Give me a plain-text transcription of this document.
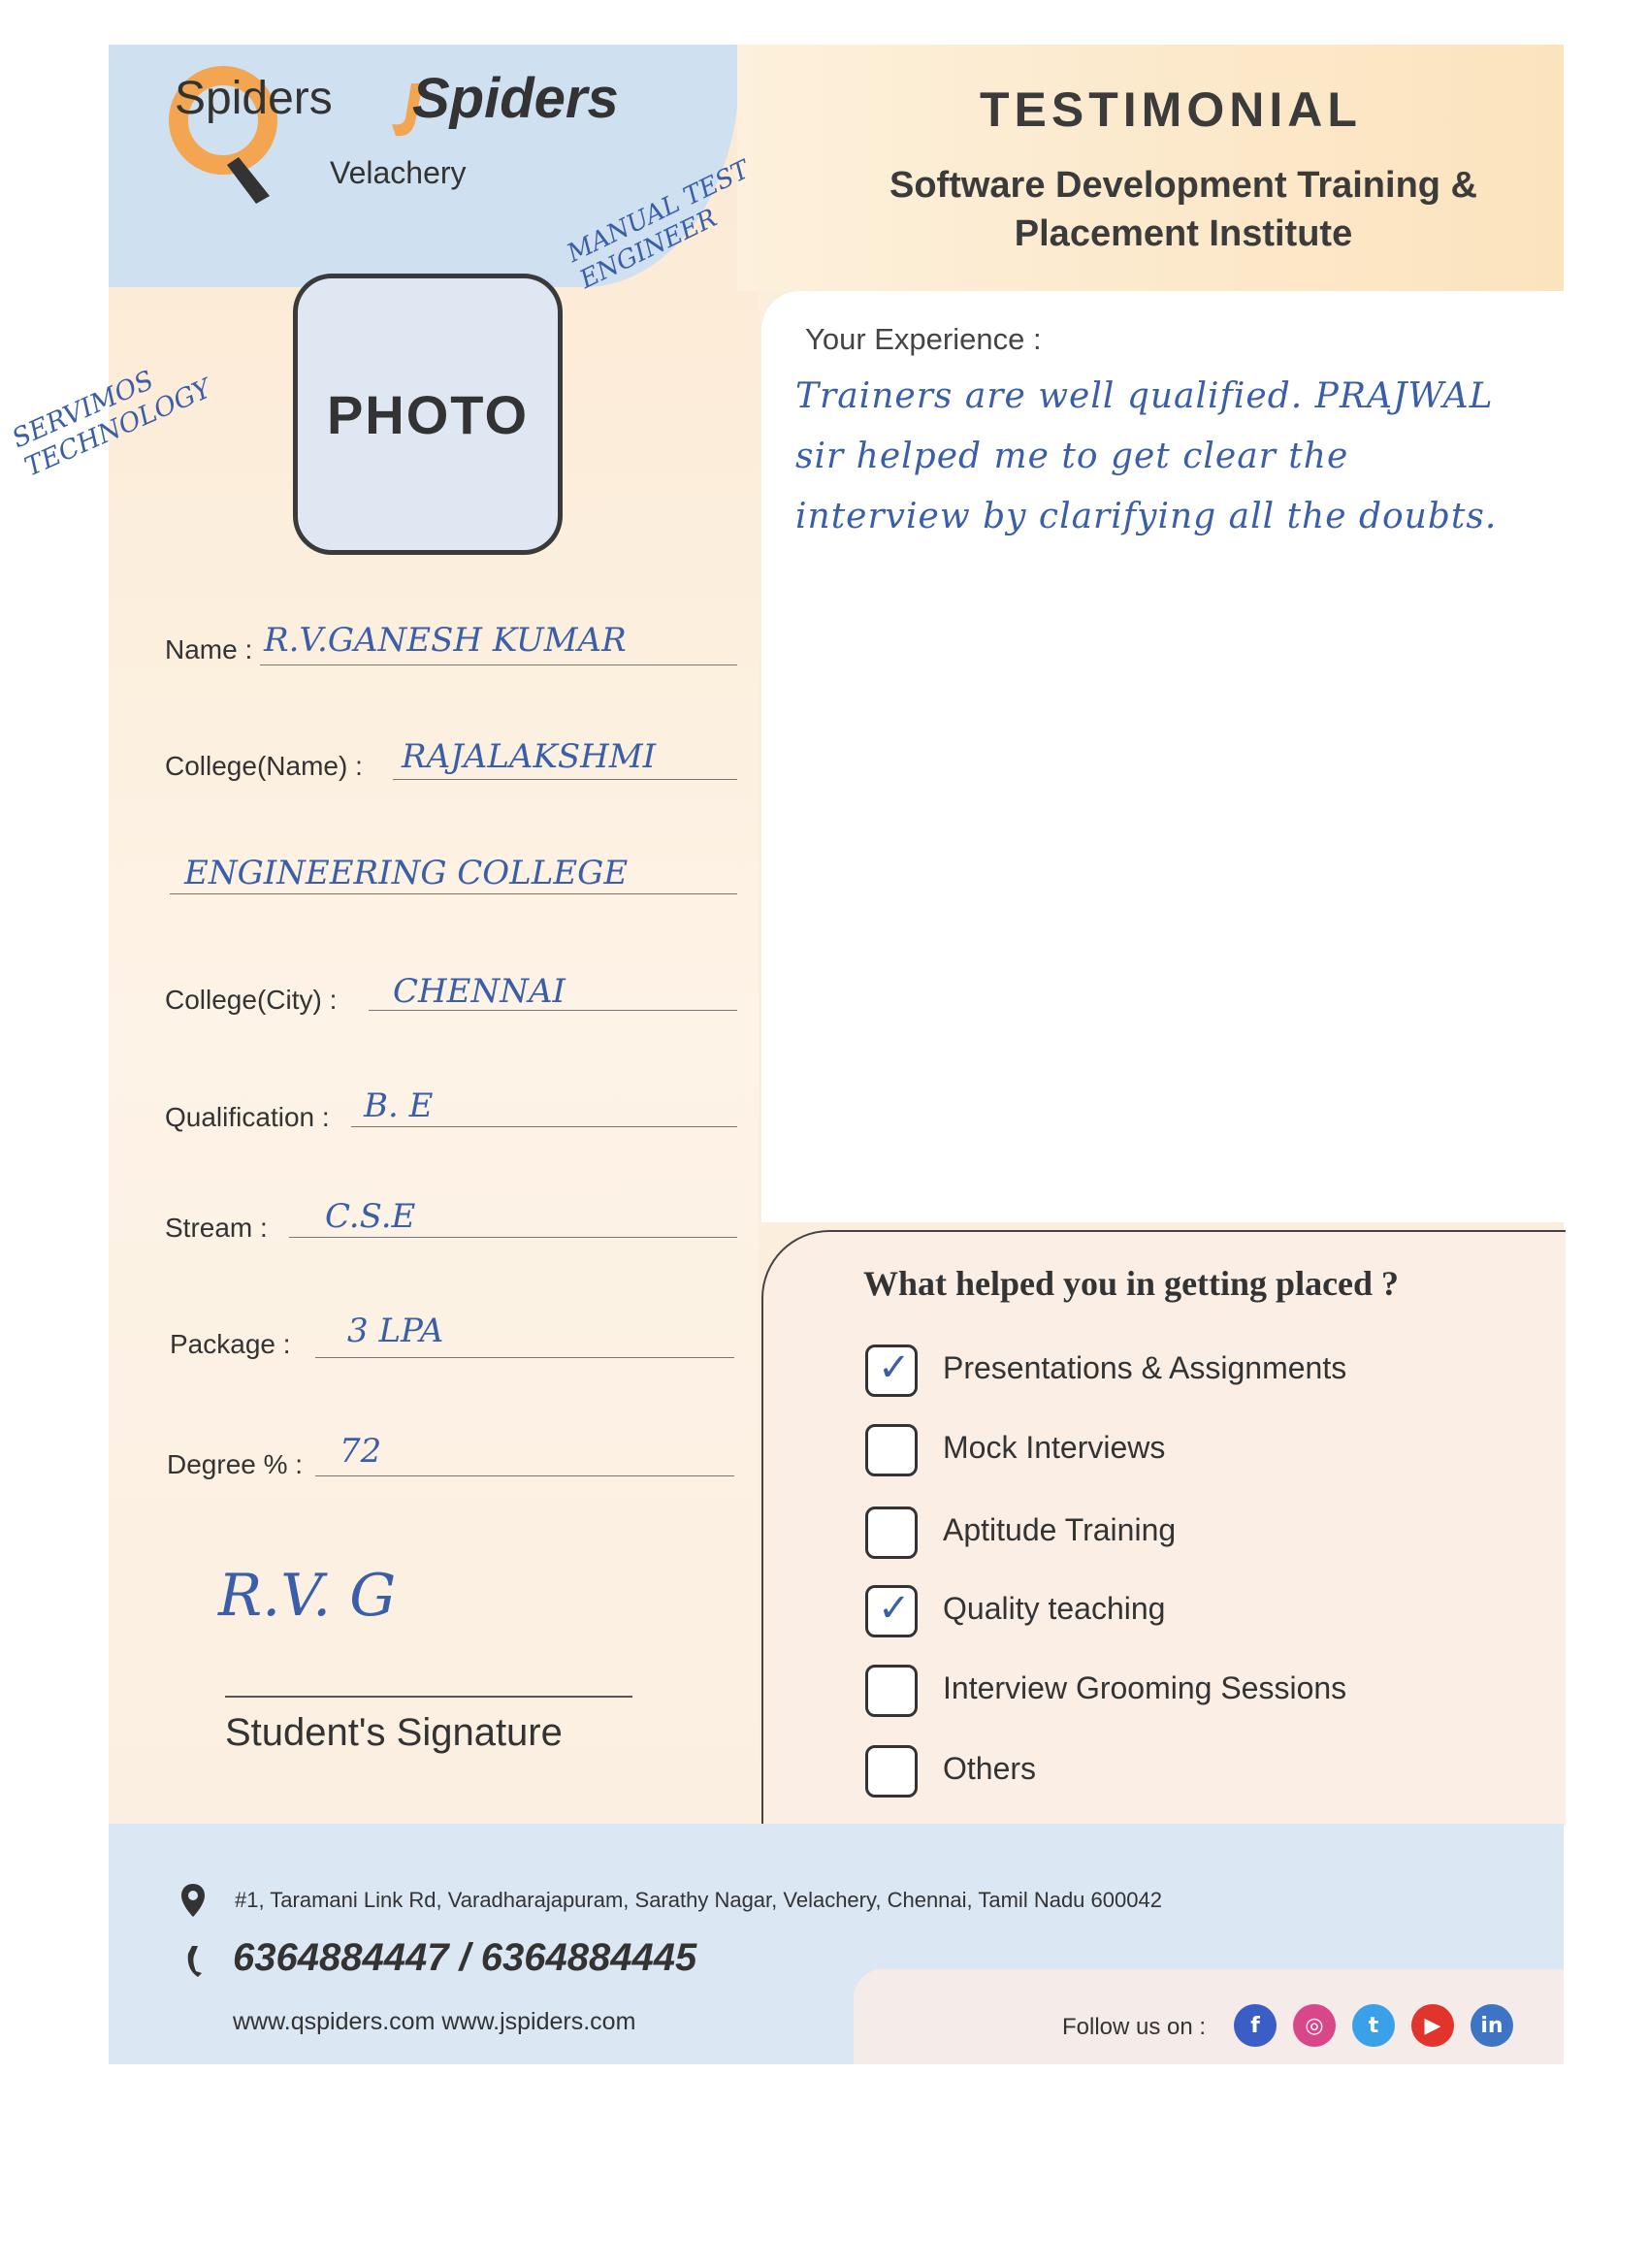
Spiders Spiders
Velachery
TESTIMONIAL
Software Development Training &
Placement Institute
PHOTO
MANUAL TEST ENGINEER
SERVIMOS TECHNOLOGY
Name : R.V.GANESH KUMAR
College(Name) : RAJALAKSHMI
ENGINEERING COLLEGE
College(City) : CHENNAI
Qualification : B. E
Stream : C.S.E
Package : 3 LPA
Degree % : 72
Your Experience :
Trainers are well qualified. PRAJWAL sir helped me to get clear the interview by clarifying all the doubts.
What helped you in getting placed ?
✓ Presentations & Assignments
Mock Interviews
Aptitude Training
✓ Quality teaching
Interview Grooming Sessions
Others
R.V. G
Student's Signature
#1, Taramani Link Rd, Varadharajapuram, Sarathy Nagar, Velachery, Chennai, Tamil Nadu 600042
6364884447 / 6364884445
www.qspiders.com www.jspiders.com	Follow us on :	f	◎	t	▶	in
